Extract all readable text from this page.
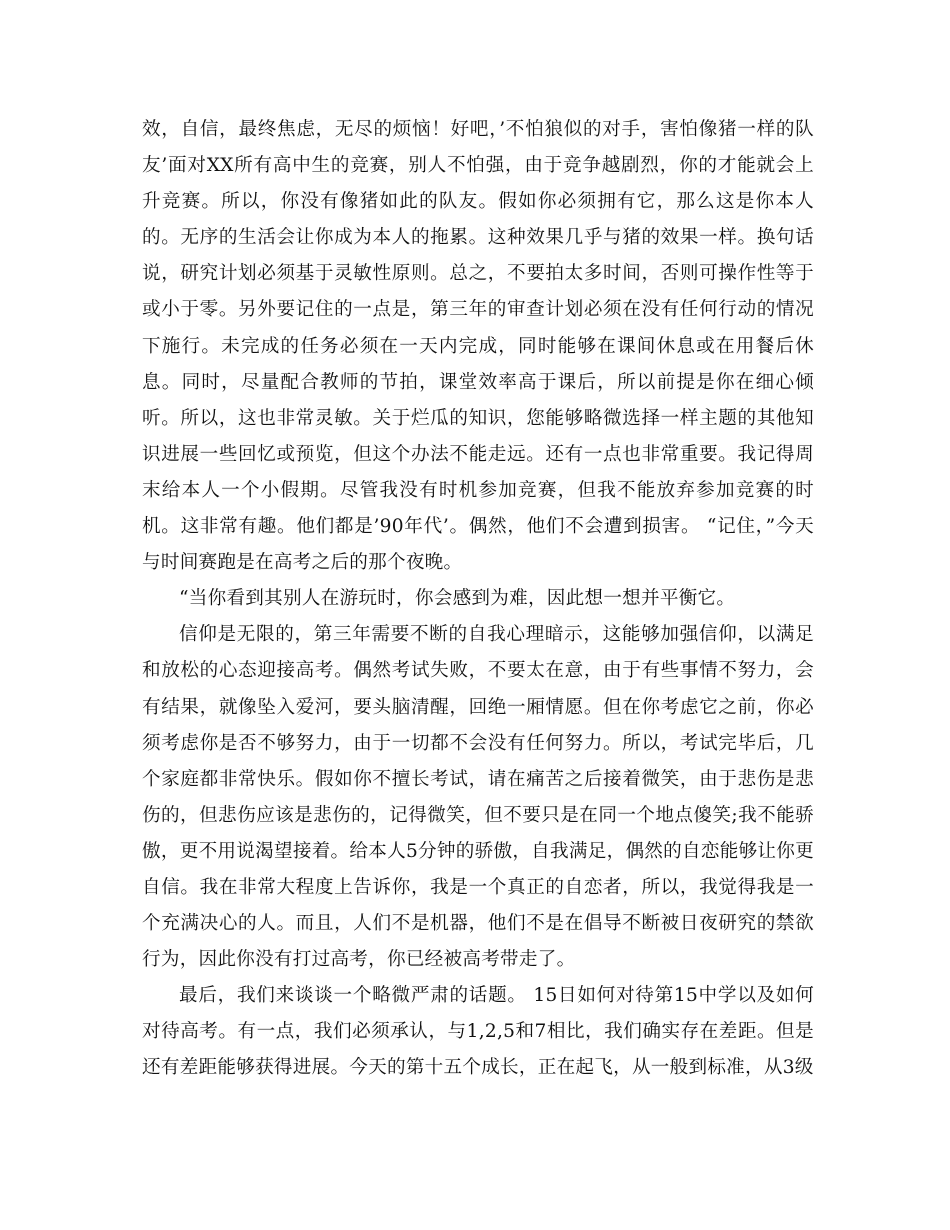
效，自信，最终焦虑，无尽的烦恼！好吧，’不怕狼似的对手，害怕像猪一样的队友’面对XX所有高中生的竞赛，别人不怕强，由于竞争越剧烈，你的才能就会上升竞赛。所以，你没有像猪如此的队友。假如你必须拥有它，那么这是你本人的。无序的生活会让你成为本人的拖累。这种效果几乎与猪的效果一样。换句话说，研究计划必须基于灵敏性原则。总之，不要拍太多时间，否则可操作性等于或小于零。另外要记住的一点是，第三年的审查计划必须在没有任何行动的情况下施行。未完成的任务必须在一天内完成，同时能够在课间休息或在用餐后休息。同时，尽量配合教师的节拍，课堂效率高于课后，所以前提是你在细心倾听。所以，这也非常灵敏。关于烂瓜的知识，您能够略微选择一样主题的其他知识进展一些回忆或预览，但这个办法不能走远。还有一点也非常重要。我记得周末给本人一个小假期。尽管我没有时机参加竞赛，但我不能放弃参加竞赛的时机。这非常有趣。他们都是’90年代’。偶然，他们不会遭到损害。 “记住，”今天与时间赛跑是在高考之后的那个夜晚。

“当你看到其别人在游玩时，你会感到为难，因此想一想并平衡它。

信仰是无限的，第三年需要不断的自我心理暗示，这能够加强信仰，以满足和放松的心态迎接高考。偶然考试失败，不要太在意，由于有些事情不努力，会有结果，就像坠入爱河，要头脑清醒，回绝一厢情愿。但在你考虑它之前，你必须考虑你是否不够努力，由于一切都不会没有任何努力。所以，考试完毕后，几个家庭都非常快乐。假如你不擅长考试，请在痛苦之后接着微笑，由于悲伤是悲伤的，但悲伤应该是悲伤的，记得微笑，但不要只是在同一个地点傻笑;我不能骄傲，更不用说渴望接着。给本人5分钟的骄傲，自我满足，偶然的自恋能够让你更自信。我在非常大程度上告诉你，我是一个真正的自恋者，所以，我觉得我是一个充满决心的人。而且，人们不是机器，他们不是在倡导不断被日夜研究的禁欲行为，因此你没有打过高考，你已经被高考带走了。

最后，我们来谈谈一个略微严肃的话题。 15日如何对待第15中学以及如何对待高考。有一点，我们必须承认，与1,2,5和7相比，我们确实存在差距。但是还有差距能够获得进展。今天的第十五个成长，正在起飞，从一般到标准，从3级
